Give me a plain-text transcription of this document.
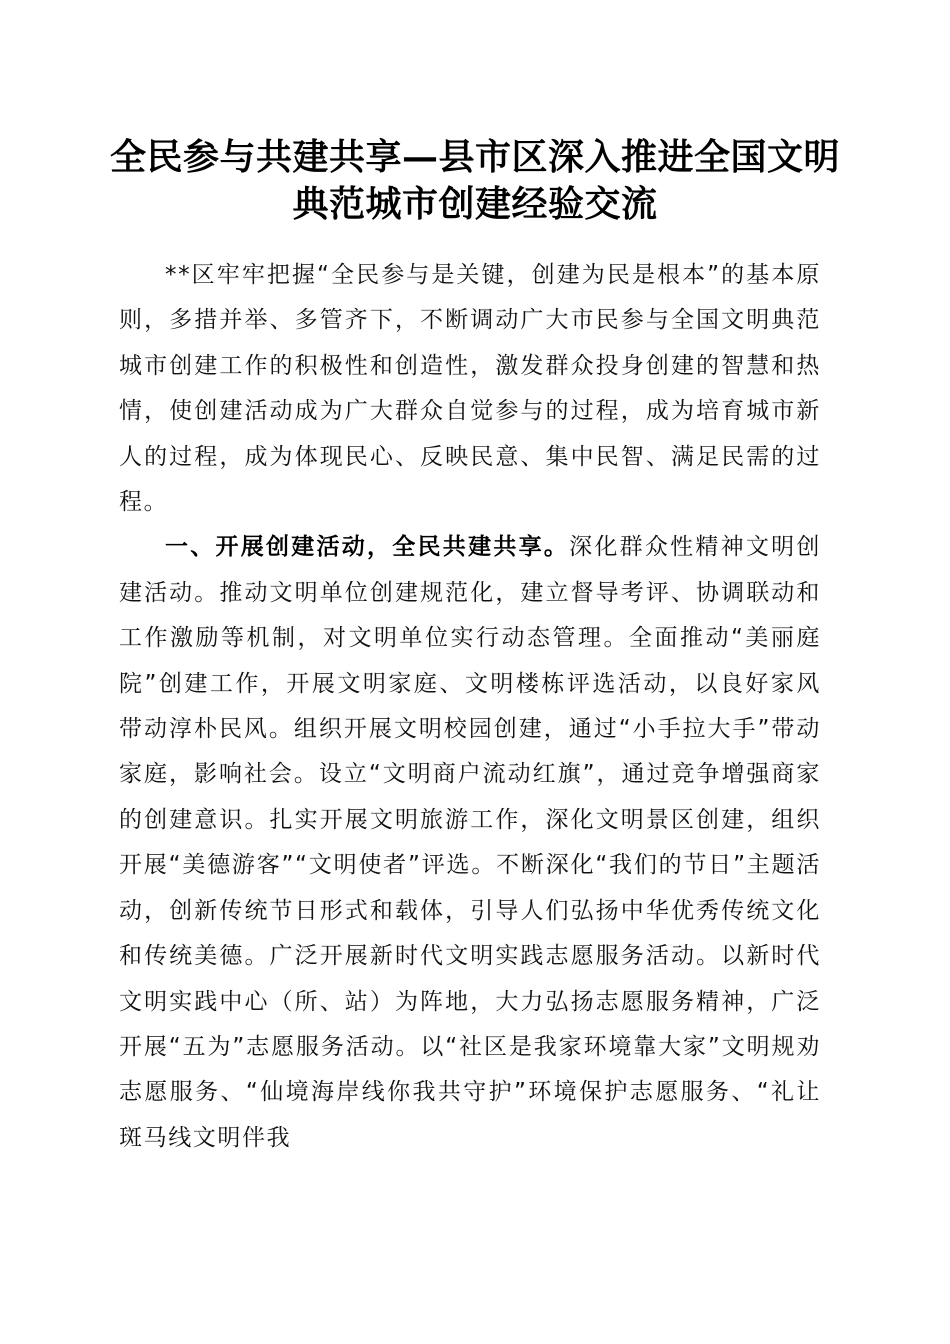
全民参与共建共享—县市区深入推进全国文明
典范城市创建经验交流

**区牢牢把握“全民参与是关键，创建为民是根本”的基本原则，多措并举、多管齐下，不断调动广大市民参与全国文明典范城市创建工作的积极性和创造性，激发群众投身创建的智慧和热情，使创建活动成为广大群众自觉参与的过程，成为培育城市新人的过程，成为体现民心、反映民意、集中民智、满足民需的过程。

一、开展创建活动，全民共建共享。深化群众性精神文明创建活动。推动文明单位创建规范化，建立督导考评、协调联动和工作激励等机制，对文明单位实行动态管理。全面推动“美丽庭院”创建工作，开展文明家庭、文明楼栋评选活动，以良好家风带动淳朴民风。组织开展文明校园创建，通过“小手拉大手”带动家庭，影响社会。设立“文明商户流动红旗”，通过竞争增强商家的创建意识。扎实开展文明旅游工作，深化文明景区创建，组织开展“美德游客”“文明使者”评选。不断深化“我们的节日”主题活动，创新传统节日形式和载体，引导人们弘扬中华优秀传统文化和传统美德。广泛开展新时代文明实践志愿服务活动。以新时代文明实践中心（所、站）为阵地，大力弘扬志愿服务精神，广泛开展“五为”志愿服务活动。以“社区是我家环境靠大家”文明规劝志愿服务、“仙境海岸线你我共守护”环境保护志愿服务、“礼让斑马线文明伴我
